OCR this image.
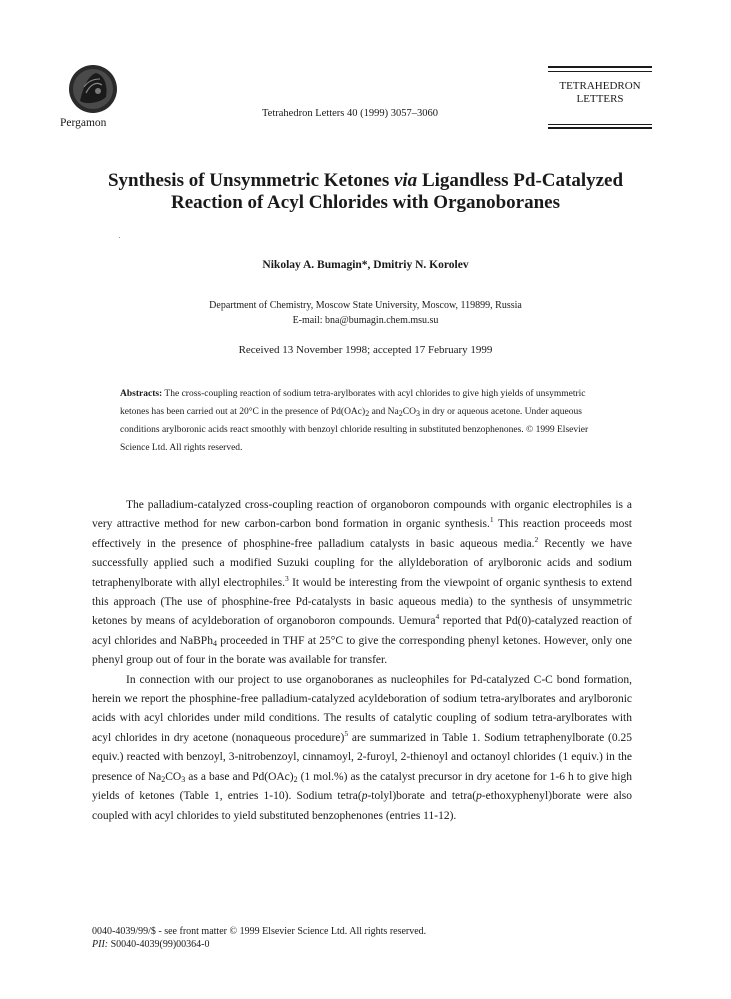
Pergamon
Tetrahedron Letters 40 (1999) 3057–3060
TETRAHEDRON
LETTERS
Synthesis of Unsymmetric Ketones via Ligandless Pd-Catalyzed
Reaction of Acyl Chlorides with Organoboranes
Nikolay A. Bumagin*, Dmitriy N. Korolev
Department of Chemistry, Moscow State University, Moscow, 119899, Russia
E-mail: bna@bumagin.chem.msu.su
Received 13 November 1998; accepted 17 February 1999
Abstracts: The cross-coupling reaction of sodium tetra-arylborates with acyl chlorides to give high yields of unsymmetric ketones has been carried out at 20°C in the presence of $Pd(OAc)_2$ and $Na_2CO_3$ in dry or aqueous acetone. Under aqueous conditions arylboronic acids react smoothly with benzoyl chloride resulting in substituted benzophenones. © 1999 Elsevier Science Ltd. All rights reserved.

The palladium-catalyzed cross-coupling reaction of organoboron compounds with organic electrophiles is a very attractive method for new carbon-carbon bond formation in organic synthesis.$^1$ This reaction proceeds most effectively in the presence of phosphine-free palladium catalysts in basic aqueous media.$^2$ Recently we have successfully applied such a modified Suzuki coupling for the allyldeboration of arylboronic acids and sodium tetraphenylborate with allyl electrophiles.$^3$ It would be interesting from the viewpoint of organic synthesis to extend this approach (The use of phosphine-free Pd-catalysts in basic aqueous media) to the synthesis of unsymmetric ketones by means of acyldeboration of organoboron compounds. Uemura$^4$ reported that Pd(0)-catalyzed reaction of acyl chlorides and NaBPh$_4$ proceeded in THF at 25°C to give the corresponding phenyl ketones. However, only one phenyl group out of four in the borate was available for transfer.

In connection with our project to use organoboranes as nucleophiles for Pd-catalyzed C-C bond formation, herein we report the phosphine-free palladium-catalyzed acyldeboration of sodium tetra-arylborates and arylboronic acids with acyl chlorides under mild conditions. The results of catalytic coupling of sodium tetra-arylborates with acyl chlorides in dry acetone (nonaqueous procedure)$^5$ are summarized in Table 1. Sodium tetraphenylborate (0.25 equiv.) reacted with benzoyl, 3-nitrobenzoyl, cinnamoyl, 2-furoyl, 2-thienoyl and octanoyl chlorides (1 equiv.) in the presence of $Na_2CO_3$ as a base and $Pd(OAc)_2$ (1 mol.%) as the catalyst precursor in dry acetone for 1-6 h to give high yields of ketones (Table 1, entries 1-10). Sodium tetra(p-tolyl)borate and tetra(p-ethoxyphenyl)borate were also coupled with acyl chlorides to yield substituted benzophenones (entries 11-12).

0040-4039/99/$ - see front matter © 1999 Elsevier Science Ltd. All rights reserved.
PII: S0040-4039(99)00364-0
